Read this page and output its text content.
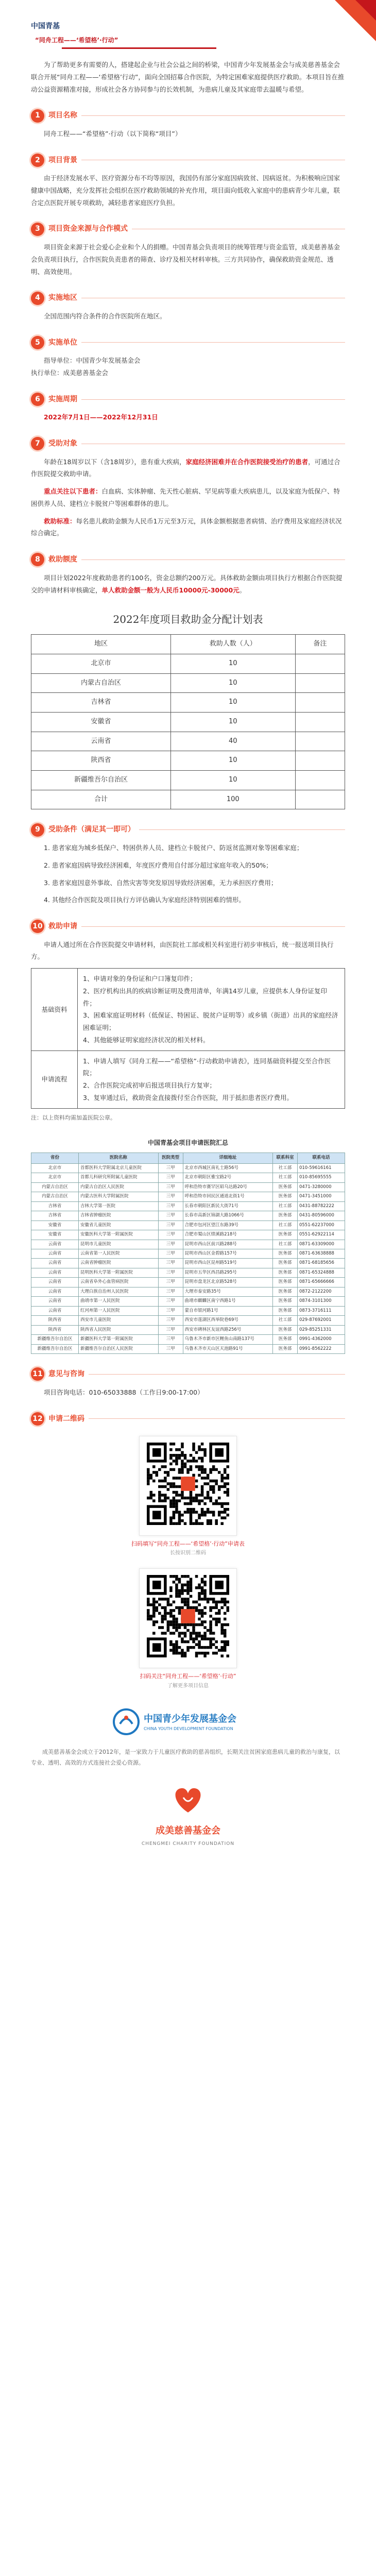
中国青基
“同舟工程——‘希望格’·行动”

为了帮助更多有需要的人，搭建起企业与社会公益之间的桥梁，中国青少年发展基金会与成美慈善基金会联合开展“同舟工程——‘希望格’行动”，面向全国招募合作医院，为特定困难家庭提供医疗救助。本项目旨在推动公益资源精准对接，形成社会各方协同参与的长效机制，为患病儿童及其家庭带去温暖与希望。

1	项目名称

同舟工程——“希望格”·行动（以下简称“项目”）

2	项目背景

由于经济发展水平、医疗资源分布不均等原因，我国仍有部分家庭因病致贫、因病返贫。为积极响应国家健康中国战略，充分发挥社会组织在医疗救助领域的补充作用，项目面向低收入家庭中的患病青少年儿童，联合定点医院开展专项救助，减轻患者家庭医疗负担。

3	项目资金来源与合作模式

项目资金来源于社会爱心企业和个人的捐赠。中国青基会负责项目的统筹管理与资金监管，成美慈善基金会负责项目执行，合作医院负责患者的筛查、诊疗及相关材料审核。三方共同协作，确保救助资金规范、透明、高效使用。

4	实施地区

全国范围内符合条件的合作医院所在地区。

5	实施单位

指导单位：中国青少年发展基金会
执行单位：成美慈善基金会

6	实施周期

2022年7月1日——2022年12月31日

7	受助对象

年龄在18周岁以下（含18周岁），患有重大疾病，家庭经济困难并在合作医院接受治疗的患者，可通过合作医院提交救助申请。

重点关注以下患者：白血病、实体肿瘤、先天性心脏病、罕见病等重大疾病患儿，以及家庭为低保户、特困供养人员、建档立卡脱贫户等困难群体的患儿。

救助标准：每名患儿救助金额为人民币1万元至3万元，具体金额根据患者病情、治疗费用及家庭经济状况综合确定。

8	救助额度

项目计划2022年度救助患者约100名，资金总额约200万元。具体救助金额由项目执行方根据合作医院提交的申请材料审核确定，单人救助金额一般为人民币10000元-30000元。

2022年度项目救助金分配计划表
地区	救助人数（人）	备注
北京市	10	
内蒙古自治区	10	
吉林省	10	
安徽省	10	
云南省	40	
陕西省	10	
新疆维吾尔自治区	10	
合计	100	
9	受助条件（满足其一即可）

1. 患者家庭为城乡低保户、特困供养人员、建档立卡脱贫户、防返贫监测对象等困难家庭；

2. 患者家庭因病导致经济困难，年度医疗费用自付部分超过家庭年收入的50%；

3. 患者家庭因意外事故、自然灾害等突发原因导致经济困难，无力承担医疗费用；

4. 其他经合作医院及项目执行方评估确认为家庭经济特别困难的情形。

10 救助申请

申请人通过所在合作医院提交申请材料，由医院社工部或相关科室进行初步审核后，统一报送项目执行方。

基础资料	1、申请对象的身份证和户口簿复印件；
2、医疗机构出具的疾病诊断证明及费用清单，年满14岁儿童，应提供本人身份证复印件；
3、困难家庭证明材料（低保证、特困证、脱贫户证明等）或乡镇（街道）出具的家庭经济困难证明；
4、其他能够证明家庭经济状况的相关材料。

申请流程	1、申请人填写《同舟工程——“希望格”·行动救助申请表》，连同基础资料提交至合作医院；
2、合作医院完成初审后报送项目执行方复审；
3、复审通过后，救助资金直接拨付至合作医院，用于抵扣患者医疗费用。
注：以上资料均需加盖医院公章。
中国青基会项目申请医院汇总
省份	医院名称	医院类型	详细地址	联系科室	联系电话
北京市	首都医科大学附属北京儿童医院	三甲	北京市西城区南礼士路56号	社工部	010-59616161
北京市	首都儿科研究所附属儿童医院	三甲	北京市朝阳区雅宝路2号	社工部	010-85695555
内蒙古自治区	内蒙古自治区人民医院	三甲	呼和浩特市赛罕区昭乌达路20号	医务部	0471-3280000
内蒙古自治区	内蒙古医科大学附属医院	三甲	呼和浩特市回民区通道北街1号	医务部	0471-3451000
吉林省	吉林大学第一医院	三甲	长春市朝阳区新民大街71号	社工部	0431-88782222
吉林省	吉林省肿瘤医院	三甲	长春市高新区锦湖大路1066号	医务部	0431-80596000
安徽省	安徽省儿童医院	三甲	合肥市包河区望江东路39号	社工部	0551-62237000
安徽省	安徽医科大学第一附属医院	三甲	合肥市蜀山区绩溪路218号	医务部	0551-62922114
云南省	昆明市儿童医院	三甲	昆明市西山区前兴路288号	社工部	0871-63309000
云南省	云南省第一人民医院	三甲	昆明市西山区金碧路157号	医务部	0871-63638888
云南省	云南省肿瘤医院	三甲	昆明市西山区昆州路519号	医务部	0871-68185656
云南省	昆明医科大学第一附属医院	三甲	昆明市五华区西昌路295号	医务部	0871-65324888
云南省	云南省阜外心血管病医院	三甲	昆明市盘龙区北京路528号	医务部	0871-65666666
云南省	大理白族自治州人民医院	三甲	大理市泰安路35号	医务部	0872-2122200
云南省	曲靖市第一人民医院	三甲	曲靖市麒麟区南宁西路1号	医务部	0874-3101300
云南省	红河州第一人民医院	三甲	蒙自市银河路1号	医务部	0873-3716111
陕西省	西安市儿童医院	三甲	西安市莲湖区西举院巷69号	社工部	029-87692001
陕西省	陕西省人民医院	三甲	西安市碑林区友谊西路256号	医务部	029-85251331
新疆维吾尔自治区	新疆医科大学第一附属医院	三甲	乌鲁木齐市新市区鲤鱼山南路137号	医务部	0991-4362000
新疆维吾尔自治区	新疆维吾尔自治区人民医院	三甲	乌鲁木齐市天山区天池路91号	医务部	0991-8562222
11 意见与咨询

项目咨询电话：010-65033888（工作日9:00-17:00）

12 申请二维码
扫码填写“同舟工程——‘希望格’·行动”申请表
长按识别二维码
扫码关注“同舟工程——‘希望格’·行动”
了解更多项目信息
中国青少年发展基金会
CHINA YOUTH DEVELOPMENT FOUNDATION

成美慈善基金会成立于2012年，是一家致力于儿童医疗救助的慈善组织，长期关注贫困家庭患病儿童的救治与康复，以专业、透明、高效的方式连接社会爱心资源。

成美慈善基金会
CHENGMEI CHARITY FOUNDATION
